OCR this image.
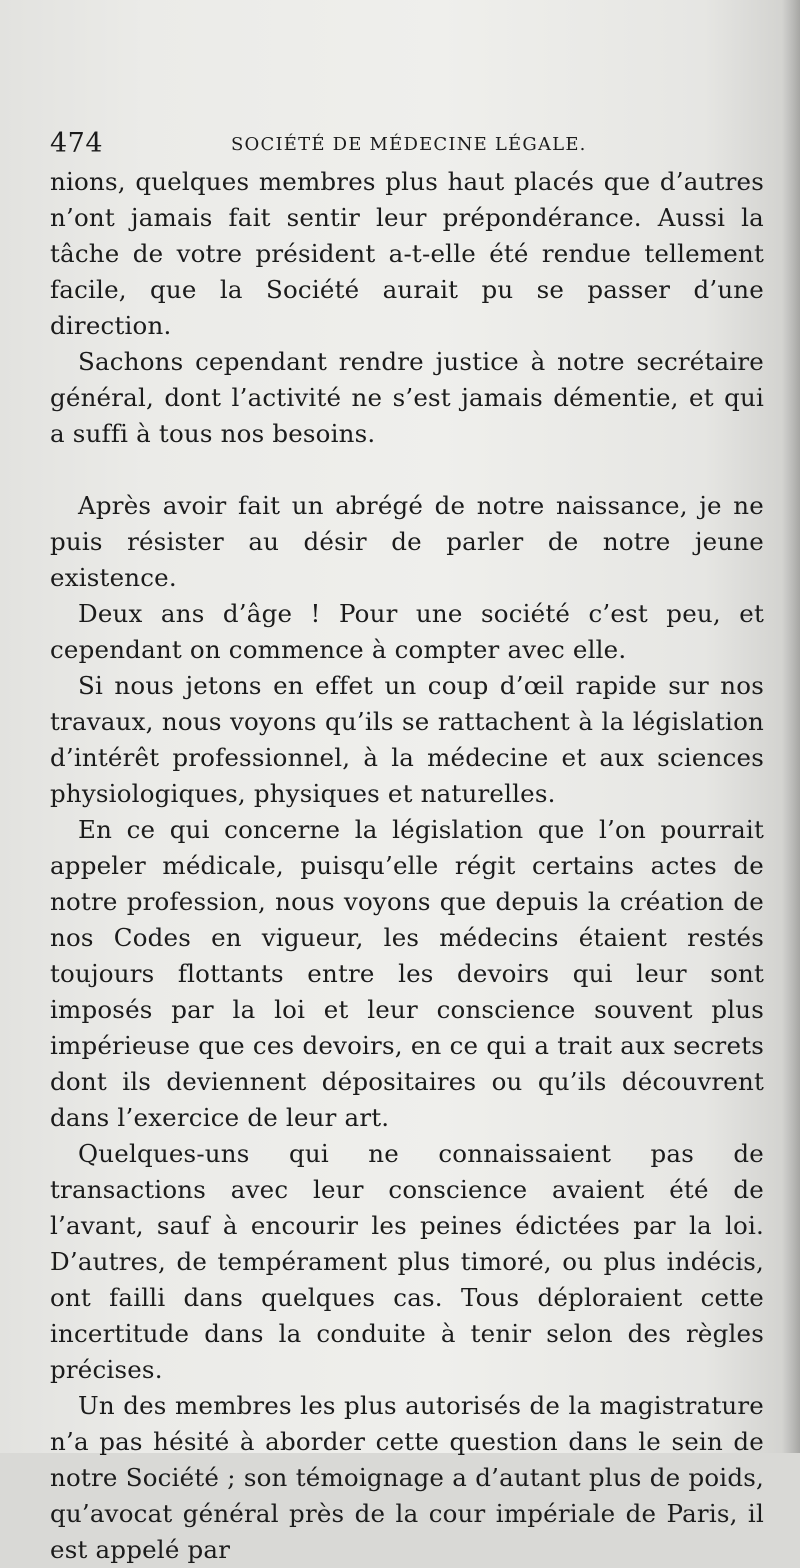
474	SOCIÉTÉ DE MÉDECINE LÉGALE.

nions, quelques membres plus haut placés que d’autres n’ont jamais fait sentir leur prépondérance. Aussi la tâche de votre président a-t-elle été rendue tellement facile, que la Société aurait pu se passer d’une direction.

Sachons cependant rendre justice à notre secrétaire général, dont l’activité ne s’est jamais démentie, et qui a suffi à tous nos besoins.

Après avoir fait un abrégé de notre naissance, je ne puis résister au désir de parler de notre jeune existence.

Deux ans d’âge ! Pour une société c’est peu, et cependant on commence à compter avec elle.

Si nous jetons en effet un coup d’œil rapide sur nos travaux, nous voyons qu’ils se rattachent à la législation d’intérêt professionnel, à la médecine et aux sciences physiologiques, physiques et naturelles.

En ce qui concerne la législation que l’on pourrait appeler médicale, puisqu’elle régit certains actes de notre profession, nous voyons que depuis la création de nos Codes en vigueur, les médecins étaient restés toujours flottants entre les devoirs qui leur sont imposés par la loi et leur conscience souvent plus impérieuse que ces devoirs, en ce qui a trait aux secrets dont ils deviennent dépositaires ou qu’ils découvrent dans l’exercice de leur art.

Quelques-uns qui ne connaissaient pas de transactions avec leur conscience avaient été de l’avant, sauf à encourir les peines édictées par la loi. D’autres, de tempérament plus timoré, ou plus indécis, ont failli dans quelques cas. Tous déploraient cette incertitude dans la conduite à tenir selon des règles précises.

Un des membres les plus autorisés de la magistrature n’a pas hésité à aborder cette question dans le sein de notre Société ; son témoignage a d’autant plus de poids, qu’avocat général près de la cour impériale de Paris, il est appelé par
